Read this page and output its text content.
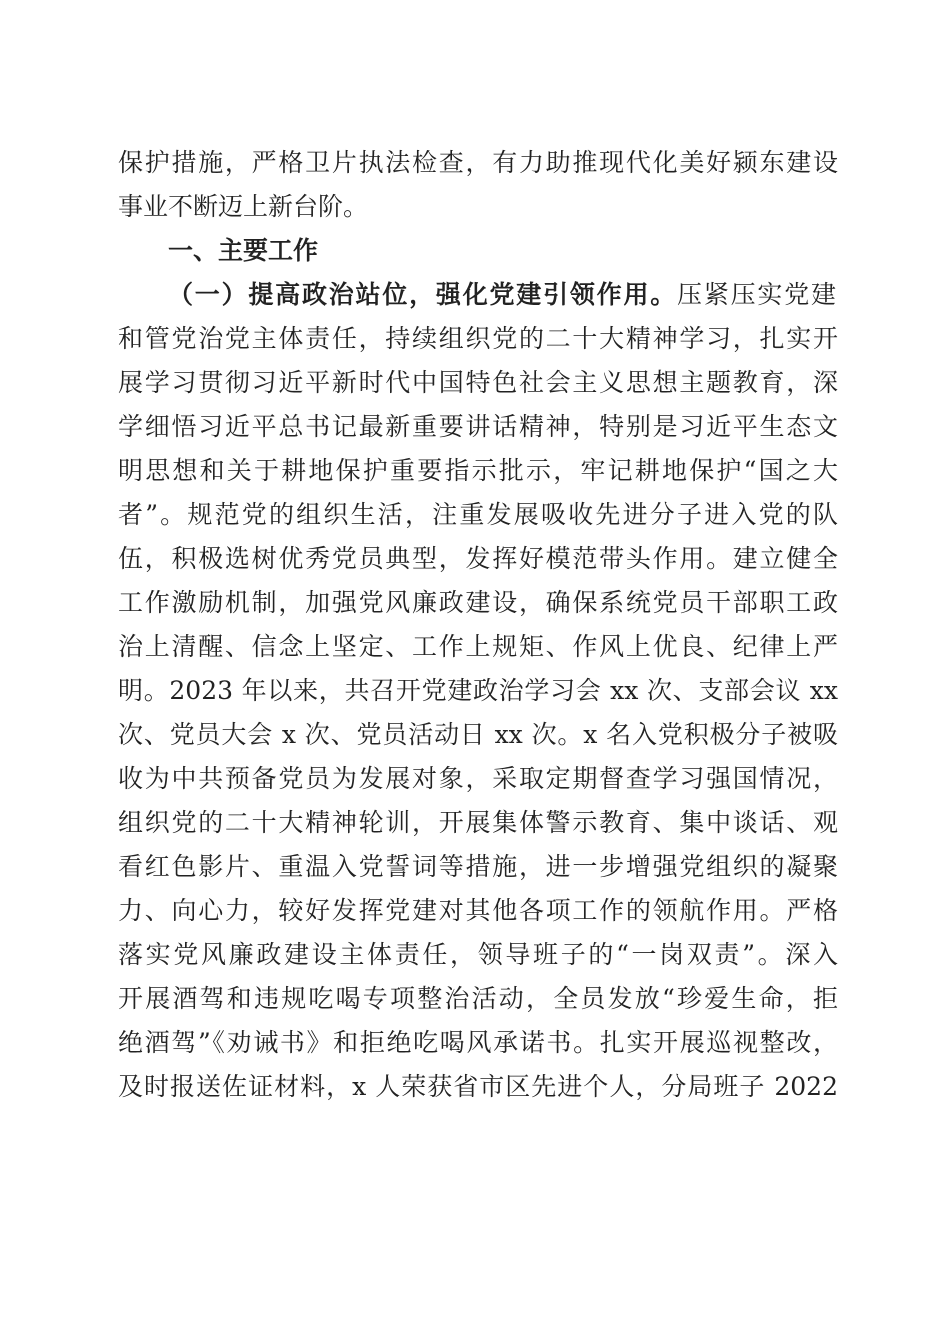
保护措施，严格卫片执法检查，有力助推现代化美好颍东建设
事业不断迈上新台阶。
一、主要工作
（一）提高政治站位，强化党建引领作用。压紧压实党建
和管党治党主体责任，持续组织党的二十大精神学习，扎实开
展学习贯彻习近平新时代中国特色社会主义思想主题教育，深
学细悟习近平总书记最新重要讲话精神，特别是习近平生态文
明思想和关于耕地保护重要指示批示，牢记耕地保护“国之大
者”。规范党的组织生活，注重发展吸收先进分子进入党的队
伍，积极选树优秀党员典型，发挥好模范带头作用。建立健全
工作激励机制，加强党风廉政建设，确保系统党员干部职工政
治上清醒、信念上坚定、工作上规矩、作风上优良、纪律上严
明。2023 年以来，共召开党建政治学习会 xx 次、支部会议 xx
次、党员大会 x 次、党员活动日 xx 次。x 名入党积极分子被吸
收为中共预备党员为发展对象，采取定期督查学习强国情况，
组织党的二十大精神轮训，开展集体警示教育、集中谈话、观
看红色影片、重温入党誓词等措施，进一步增强党组织的凝聚
力、向心力，较好发挥党建对其他各项工作的领航作用。严格
落实党风廉政建设主体责任，领导班子的“一岗双责”。深入
开展酒驾和违规吃喝专项整治活动，全员发放“珍爱生命，拒
绝酒驾”《劝诫书》和拒绝吃喝风承诺书。扎实开展巡视整改，
及时报送佐证材料，x 人荣获省市区先进个人，分局班子 2022
